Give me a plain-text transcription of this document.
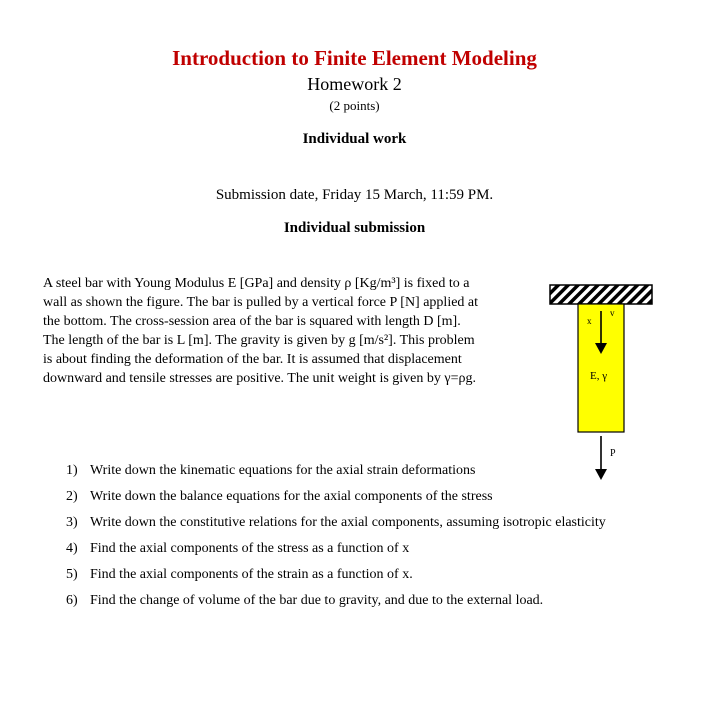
Introduction to Finite Element Modeling
Homework 2
(2 points)
Individual work
Submission date, Friday 15 March, 11:59 PM.
Individual submission
A steel bar with Young Modulus E [GPa] and density ρ [Kg/m³] is fixed to a
wall as shown the figure. The bar is pulled by a vertical force P [N] applied at
the bottom. The cross-session area of the bar is squared with length D [m].
The length of the bar is L [m]. The gravity is given by g [m/s²]. This problem
is about finding the deformation of the bar. It is assumed that displacement
downward and tensile stresses are positive. The unit weight is given by γ=ρg.
x
v
E, γ
P
1) Write down the kinematic equations for the axial strain deformations
2) Write down the balance equations for the axial components of the stress
3) Write down the constitutive relations for the axial components, assuming isotropic elasticity
4) Find the axial components of the stress as a function of x
5) Find the axial components of the strain as a function of x.
6) Find the change of volume of the bar due to gravity, and due to the external load.
